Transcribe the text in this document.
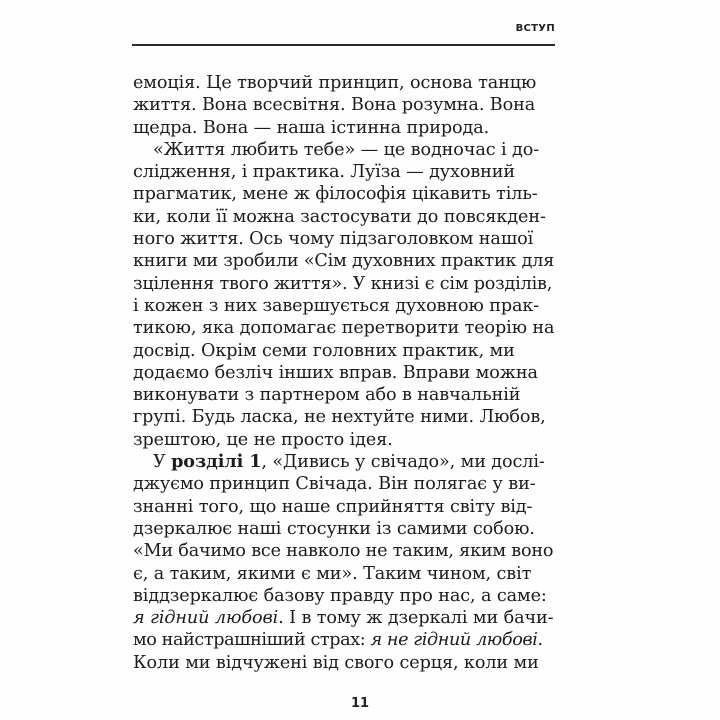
ВСТУП
емоція. Це творчий принцип, основа танцю
життя. Вона всесвітня. Вона розумна. Вона
щедра. Вона — наша істинна природа.
«Життя любить тебе» — це водночас і до-
слідження, і практика. Луїза — духовний
прагматик, мене ж філософія цікавить тіль-
ки, коли її можна застосувати до повсякден-
ного життя. Ось чому підзаголовком нашої
книги ми зробили «Сім духовних практик для
зцілення твого життя». У книзі є сім розділів,
і кожен з них завершується духовною прак-
тикою, яка допомагає перетворити теорію на
досвід. Окрім семи головних практик, ми
додаємо безліч інших вправ. Вправи можна
виконувати з партнером або в навчальній
групі. Будь ласка, не нехтуйте ними. Любов,
зрештою, це не просто ідея.
У розділі 1, «Дивись у свічадо», ми дослі-
джуємо принцип Свічада. Він полягає у ви-
знанні того, що наше сприйняття світу від-
дзеркалює наші стосунки із самими собою.
«Ми бачимо все навколо не таким, яким воно
є, а таким, якими є ми». Таким чином, світ
віддзеркалює базову правду про нас, а саме:
я гідний любові. І в тому ж дзеркалі ми бачи-
мо найстрашніший страх: я не гідний любові.
Коли ми відчужені від свого серця, коли ми
11
